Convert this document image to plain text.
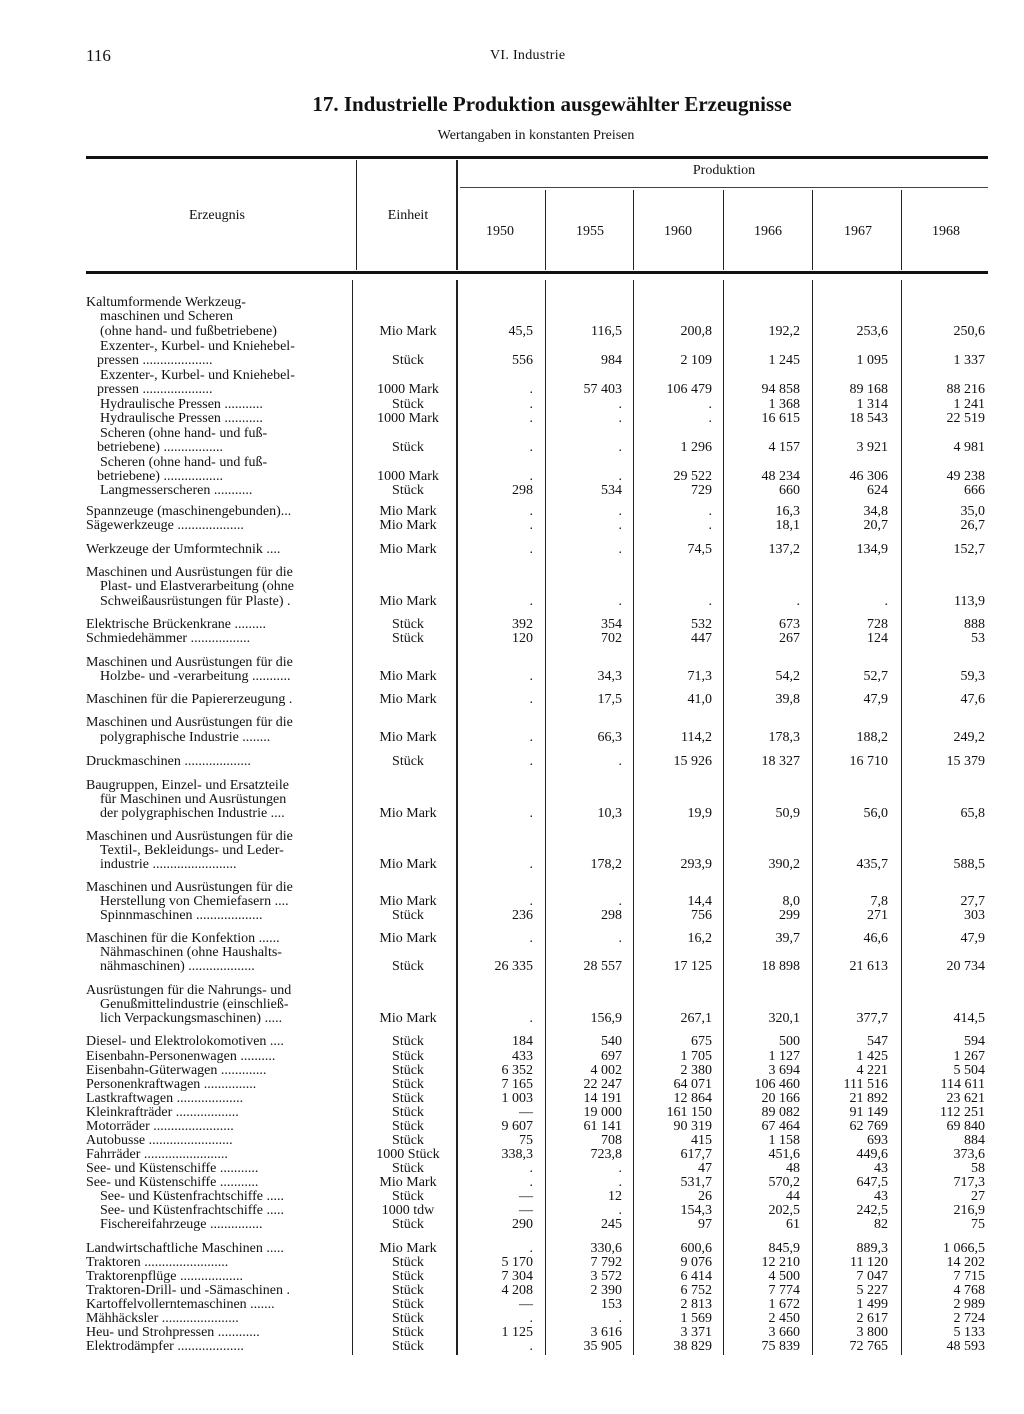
116	VI. Industrie
17. Industrielle Produktion ausgewählter Erzeugnisse
Wertangaben in konstanten Preisen
Erzeugnis	Einheit
Produktion
1950	1955	1960	1966	1967	1968
Kaltumformende Werkzeug-
maschinen und Scheren
(ohne hand- und fußbetriebene)	Mio Mark	45,5	116,5	200,8	192,2	253,6	250,6
Exzenter-, Kurbel- und Kniehebel-
pressen ....................	Stück	556	984	2 109	1 245	1 095	1 337
Exzenter-, Kurbel- und Kniehebel-
pressen ....................	1000 Mark	.	57 403	106 479	94 858	89 168	88 216
Hydraulische Pressen ...........	Stück	.	.	.	1 368	1 314	1 241
Hydraulische Pressen ...........	1000 Mark	.	.	.	16 615	18 543	22 519
Scheren (ohne hand- und fuß-
betriebene) .................	Stück	.	.	1 296	4 157	3 921	4 981
Scheren (ohne hand- und fuß-
betriebene) .................	1000 Mark	.	.	29 522	48 234	46 306	49 238
Langmesserscheren ...........	Stück	298	534	729	660	624	666
Spannzeuge (maschinengebunden)...	Mio Mark	.	.	.	16,3	34,8	35,0
Sägewerkzeuge ...................	Mio Mark	.	.	.	18,1	20,7	26,7
Werkzeuge der Umformtechnik ....	Mio Mark	.	.	74,5	137,2	134,9	152,7
Maschinen und Ausrüstungen für die
Plast- und Elastverarbeitung (ohne
Schweißausrüstungen für Plaste) .	Mio Mark	.	.	.	.	.	113,9
Elektrische Brückenkrane .........	Stück	392	354	532	673	728	888
Schmiedehämmer .................	Stück	120	702	447	267	124	53
Maschinen und Ausrüstungen für die
Holzbe- und -verarbeitung ...........	Mio Mark	.	34,3	71,3	54,2	52,7	59,3
Maschinen für die Papiererzeugung .	Mio Mark	.	17,5	41,0	39,8	47,9	47,6
Maschinen und Ausrüstungen für die
polygraphische Industrie ........	Mio Mark	.	66,3	114,2	178,3	188,2	249,2
Druckmaschinen ...................	Stück	.	.	15 926	18 327	16 710	15 379
Baugruppen, Einzel- und Ersatzteile
für Maschinen und Ausrüstungen
der polygraphischen Industrie ....	Mio Mark	.	10,3	19,9	50,9	56,0	65,8
Maschinen und Ausrüstungen für die
Textil-, Bekleidungs- und Leder-
industrie ........................	Mio Mark	.	178,2	293,9	390,2	435,7	588,5
Maschinen und Ausrüstungen für die
Herstellung von Chemiefasern ....	Mio Mark	.	.	14,4	8,0	7,8	27,7
Spinnmaschinen ...................	Stück	236	298	756	299	271	303
Maschinen für die Konfektion ......	Mio Mark	.	.	16,2	39,7	46,6	47,9
Nähmaschinen (ohne Haushalts-
nähmaschinen) ...................	Stück	26 335	28 557	17 125	18 898	21 613	20 734
Ausrüstungen für die Nahrungs- und
Genußmittelindustrie (einschließ-
lich Verpackungsmaschinen) .....	Mio Mark	.	156,9	267,1	320,1	377,7	414,5
Diesel- und Elektrolokomotiven ....	Stück	184	540	675	500	547	594
Eisenbahn-Personenwagen ..........	Stück	433	697	1 705	1 127	1 425	1 267
Eisenbahn-Güterwagen .............	Stück	6 352	4 002	2 380	3 694	4 221	5 504
Personenkraftwagen ...............	Stück	7 165	22 247	64 071	106 460	111 516	114 611
Lastkraftwagen ...................	Stück	1 003	14 191	12 864	20 166	21 892	23 621
Kleinkrafträder ..................	Stück	—	19 000	161 150	89 082	91 149	112 251
Motorräder .......................	Stück	9 607	61 141	90 319	67 464	62 769	69 840
Autobusse ........................	Stück	75	708	415	1 158	693	884
Fahrräder ........................	1000 Stück	338,3	723,8	617,7	451,6	449,6	373,6
See- und Küstenschiffe ...........	Stück	.	.	47	48	43	58
See- und Küstenschiffe ...........	Mio Mark	.	.	531,7	570,2	647,5	717,3
See- und Küstenfrachtschiffe .....	Stück	—	12	26	44	43	27
See- und Küstenfrachtschiffe .....	1000 tdw	—	.	154,3	202,5	242,5	216,9
Fischereifahrzeuge ...............	Stück	290	245	97	61	82	75
Landwirtschaftliche Maschinen .....	Mio Mark	.	330,6	600,6	845,9	889,3	1 066,5
Traktoren ........................	Stück	5 170	7 792	9 076	12 210	11 120	14 202
Traktorenpflüge ..................	Stück	7 304	3 572	6 414	4 500	7 047	7 715
Traktoren-Drill- und -Sämaschinen .	Stück	4 208	2 390	6 752	7 774	5 227	4 768
Kartoffelvollerntemaschinen .......	Stück	—	153	2 813	1 672	1 499	2 989
Mähhäcksler ......................	Stück	.	.	1 569	2 450	2 617	2 724
Heu- und Strohpressen ............	Stück	1 125	3 616	3 371	3 660	3 800	5 133
Elektrodämpfer ...................	Stück	.	35 905	38 829	75 839	72 765	48 593
